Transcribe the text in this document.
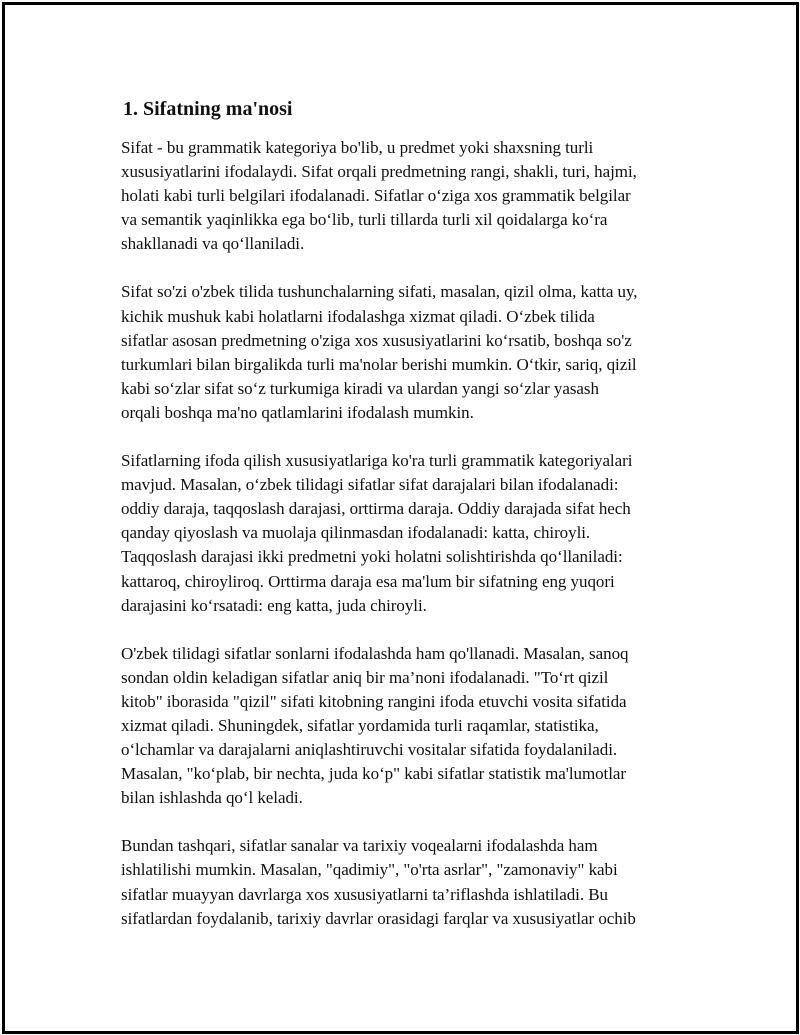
1. Sifatning ma'nosi

Sifat - bu grammatik kategoriya bo'lib, u predmet yoki shaxsning turli
xususiyatlarini ifodalaydi. Sifat orqali predmetning rangi, shakli, turi, hajmi,
holati kabi turli belgilari ifodalanadi. Sifatlar o‘ziga xos grammatik belgilar
va semantik yaqinlikka ega bo‘lib, turli tillarda turli xil qoidalarga ko‘ra
shakllanadi va qo‘llaniladi.

Sifat so'zi o'zbek tilida tushunchalarning sifati, masalan, qizil olma, katta uy,
kichik mushuk kabi holatlarni ifodalashga xizmat qiladi. O‘zbek tilida
sifatlar asosan predmetning o'ziga xos xususiyatlarini ko‘rsatib, boshqa so'z
turkumlari bilan birgalikda turli ma'nolar berishi mumkin. O‘tkir, sariq, qizil
kabi so‘zlar sifat so‘z turkumiga kiradi va ulardan yangi so‘zlar yasash
orqali boshqa ma'no qatlamlarini ifodalash mumkin.

Sifatlarning ifoda qilish xususiyatlariga ko'ra turli grammatik kategoriyalari
mavjud. Masalan, o‘zbek tilidagi sifatlar sifat darajalari bilan ifodalanadi:
oddiy daraja, taqqoslash darajasi, orttirma daraja. Oddiy darajada sifat hech
qanday qiyoslash va muolaja qilinmasdan ifodalanadi: katta, chiroyli.
Taqqoslash darajasi ikki predmetni yoki holatni solishtirishda qo‘llaniladi:
kattaroq, chiroyliroq. Orttirma daraja esa ma'lum bir sifatning eng yuqori
darajasini ko‘rsatadi: eng katta, juda chiroyli.

O'zbek tilidagi sifatlar sonlarni ifodalashda ham qo'llanadi. Masalan, sanoq
sondan oldin keladigan sifatlar aniq bir ma’noni ifodalanadi. "To‘rt qizil
kitob" iborasida "qizil" sifati kitobning rangini ifoda etuvchi vosita sifatida
xizmat qiladi. Shuningdek, sifatlar yordamida turli raqamlar, statistika,
o‘lchamlar va darajalarni aniqlashtiruvchi vositalar sifatida foydalaniladi.
Masalan, "ko‘plab, bir nechta, juda ko‘p" kabi sifatlar statistik ma'lumotlar
bilan ishlashda qo‘l keladi.

Bundan tashqari, sifatlar sanalar va tarixiy voqealarni ifodalashda ham
ishlatilishi mumkin. Masalan, "qadimiy", "o'rta asrlar", "zamonaviy" kabi
sifatlar muayyan davrlarga xos xususiyatlarni ta’riflashda ishlatiladi. Bu
sifatlardan foydalanib, tarixiy davrlar orasidagi farqlar va xususiyatlar ochib
